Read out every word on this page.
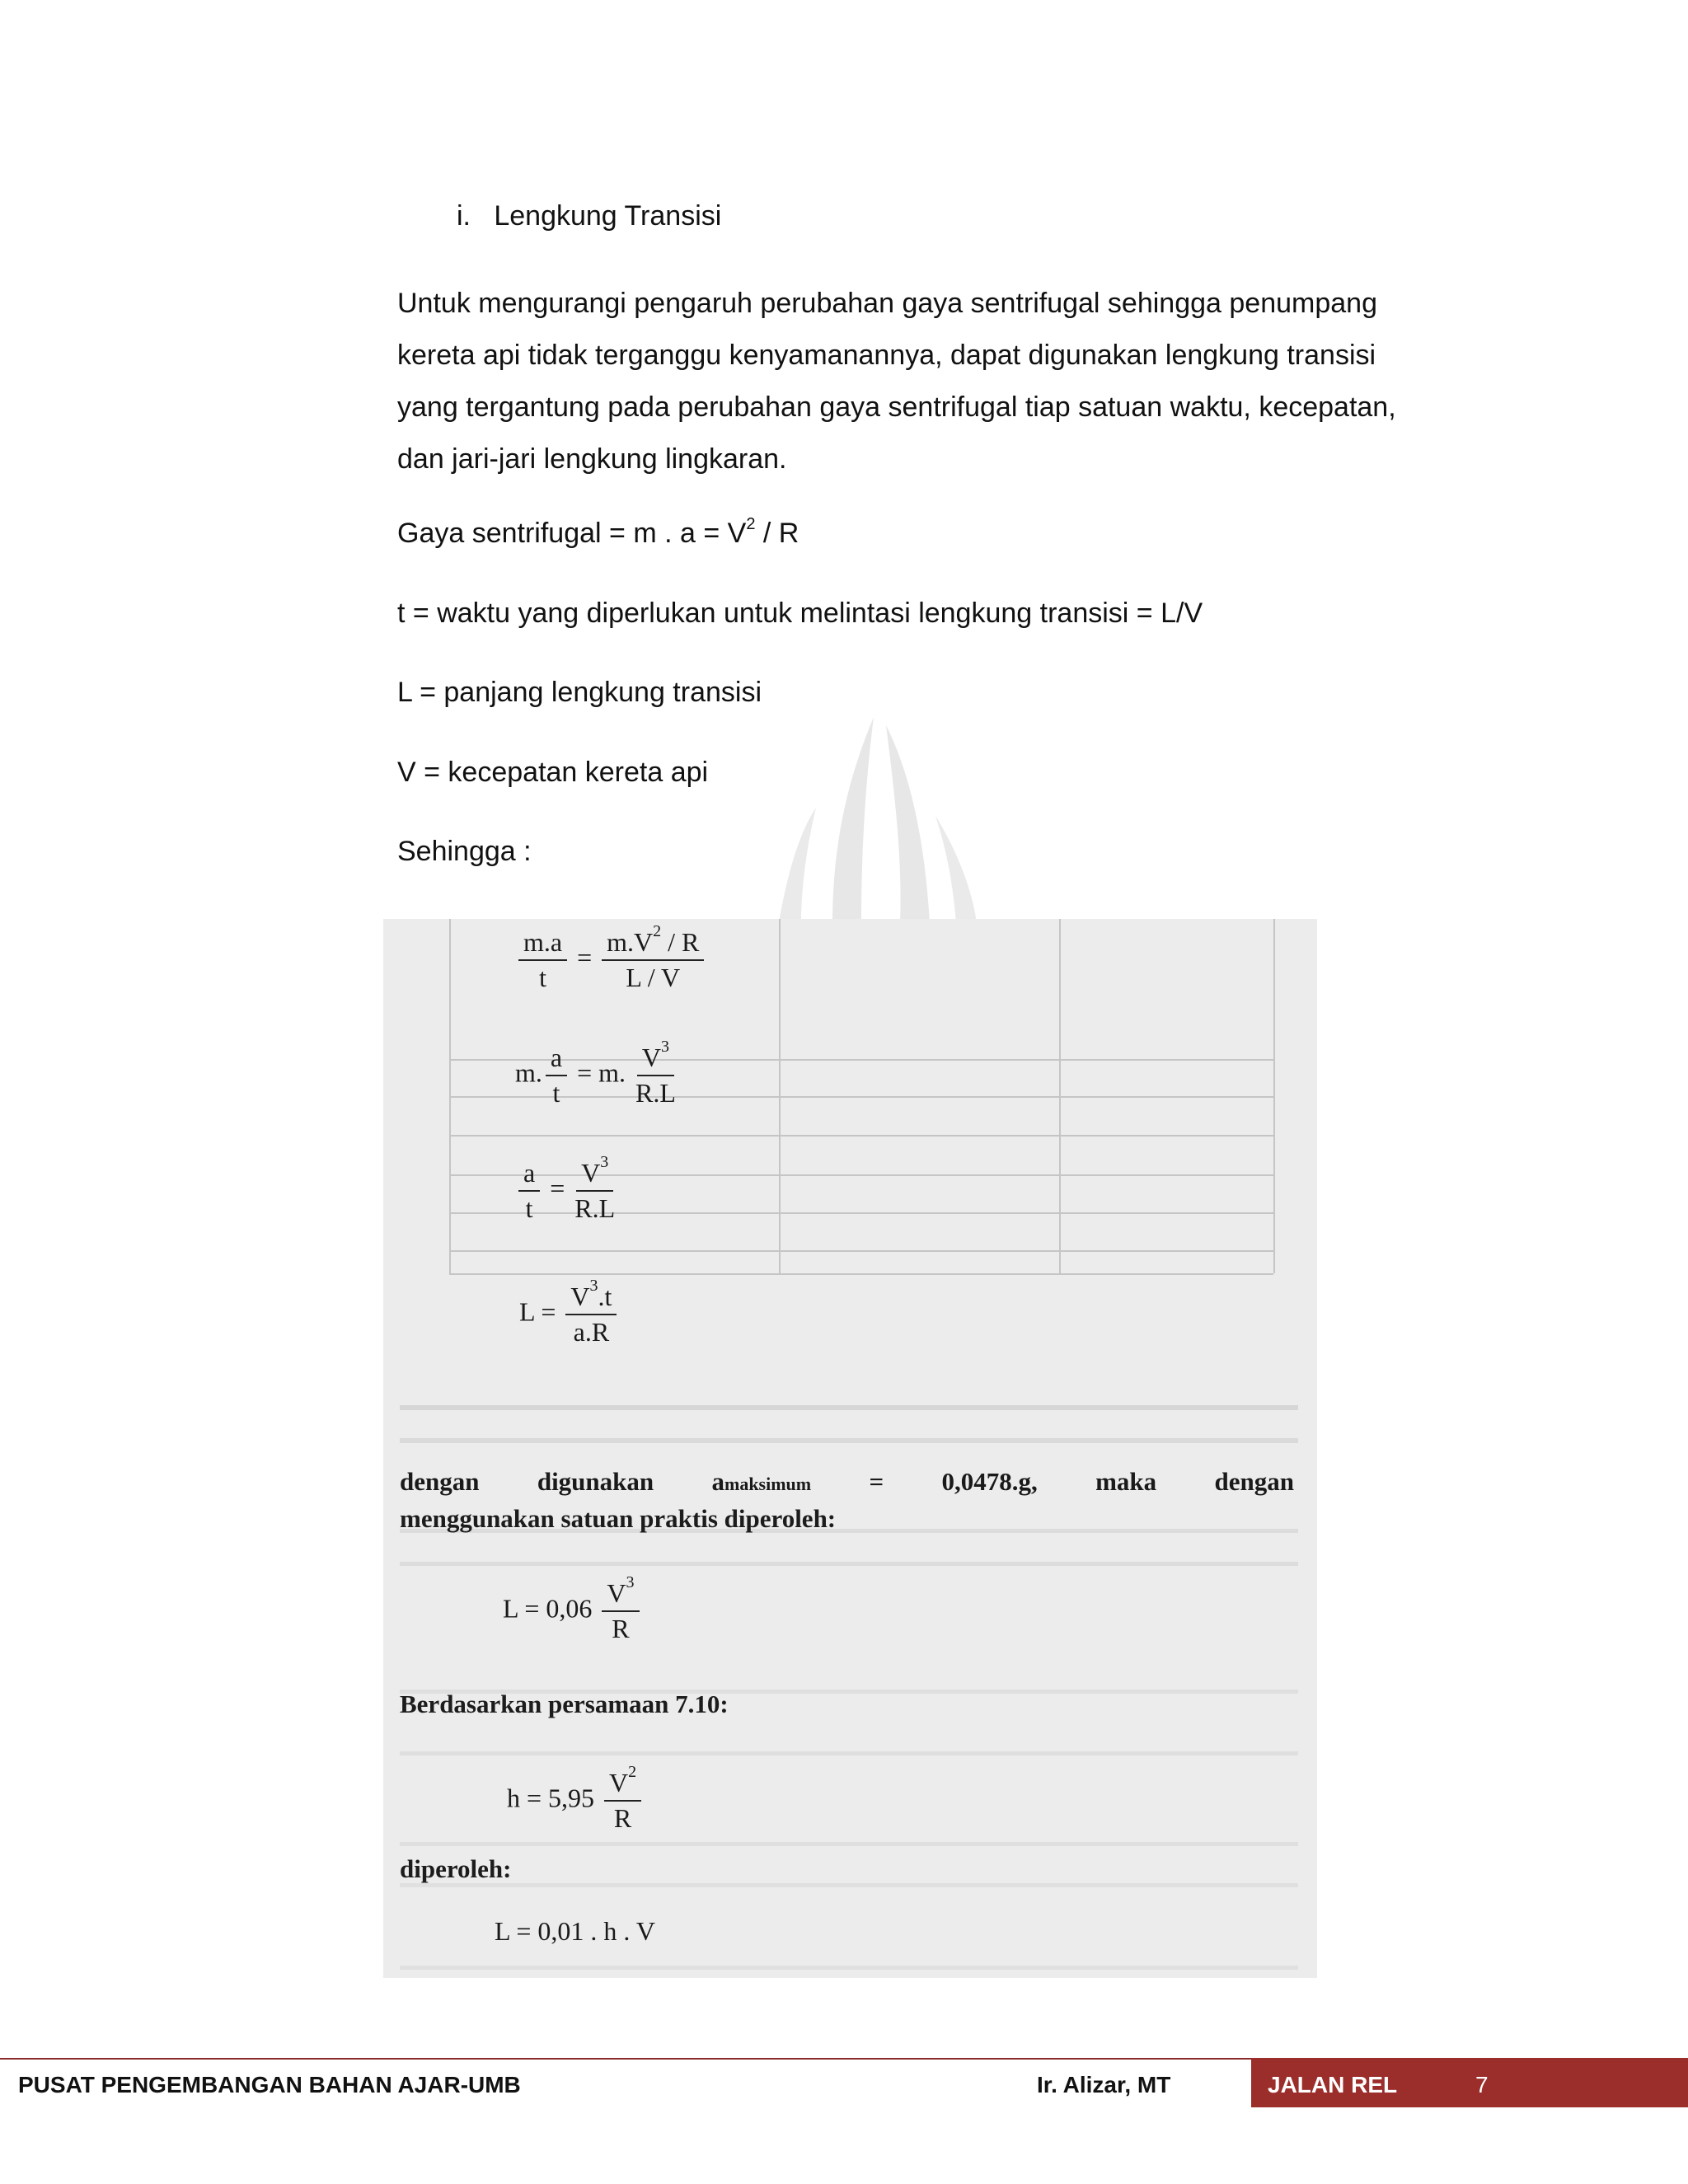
i. Lengkung Transisi
Untuk mengurangi pengaruh perubahan gaya sentrifugal sehingga penumpang
kereta api tidak terganggu kenyamanannya, dapat digunakan lengkung transisi
yang tergantung pada perubahan gaya sentrifugal tiap satuan waktu, kecepatan,
dan jari-jari lengkung lingkaran.
Gaya sentrifugal = m . $a = V^2 / R$
t = waktu yang diperlukan untuk melintasi lengkung transisi = L/V
L = panjang lengkung transisi
V = kecepatan kereta api
Sehingga :

$\frac{m.a}{t} = \frac{m.V^2 / R}{L / V}$
m. $\frac{a}{t} = m$. $\frac{V^3}{R.L}$
$\frac{a}{t} = \frac{V^3}{R.L}$
$L = \frac{V^3.t}{a.R}$
dengan digunakan amaksimum = 0,0478.g, maka dengan
menggunakan satuan praktis diperoleh:
$L = 0,06 \frac{V^3}{R}$
Berdasarkan persamaan 7.10:
$h = 5,95 \frac{V^2}{R}$
diperoleh:
L = 0,01 . h . V
PUSAT PENGEMBANGAN BAHAN AJAR-UMB	Ir. Alizar, MT	JALAN REL	7
